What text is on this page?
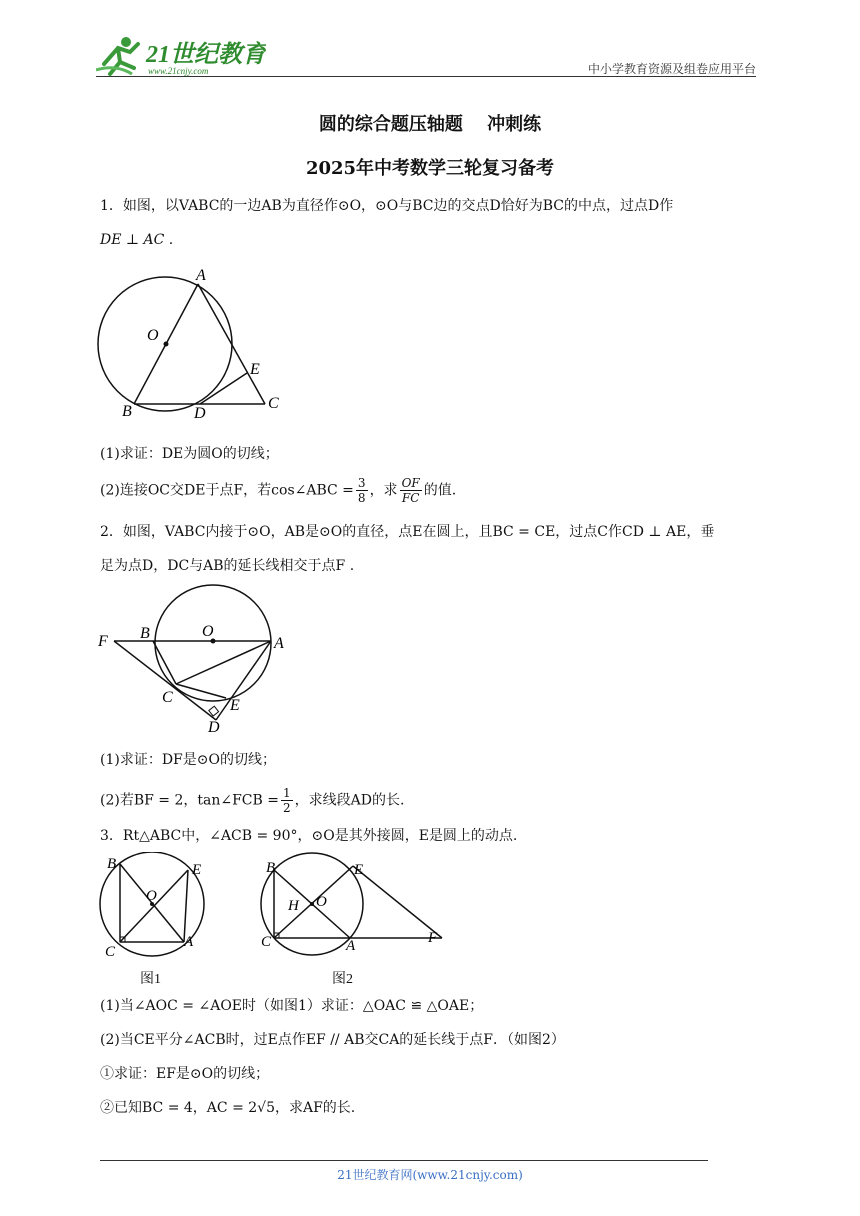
21世纪教育
www.21cnjy.com	中小学教育资源及组卷应用平台
圆的综合题压轴题　 冲刺练
2025年中考数学三轮复习备考
1．如图，以VABC的一边AB为直径作⊙O，⊙O与BC边的交点D恰好为BC的中点，过点D作
DE ⊥ AC .
A
O
E
B	D
C
(1)求证：DE为圆O的切线；
(2)连接OC交DE于点F，若cos∠ABC = $\frac{3}{8}$ ，求 $\frac{OF}{FC}$ 的值.
2．如图，VABC内接于⊙O，AB是⊙O的直径，点E在圆上，且BC = CE，过点C作CD ⊥ AE，垂
足为点D，DC与AB的延长线相交于点F .
F B	O
A
C	E
D
(1)求证：DF是⊙O的切线；
(2)若BF = 2，tan∠FCB = $\frac{1}{2}$ ，求线段AD的长.
3．Rt△ABC中，∠ACB = 90°，⊙O是其外接圆，E是圆上的动点.
B	E
O
C
A
图1
B	E
H O
C	A	F
图2
(1)当∠AOC = ∠AOE时（如图1）求证：△OAC ≌ △OAE；
(2)当CE平分∠ACB时，过E点作EF // AB交CA的延长线于点F．（如图2）
①求证：EF是⊙O的切线；
②已知BC = 4，AC = 2√5，求AF的长.
21世纪教育网(www.21cnjy.com)
